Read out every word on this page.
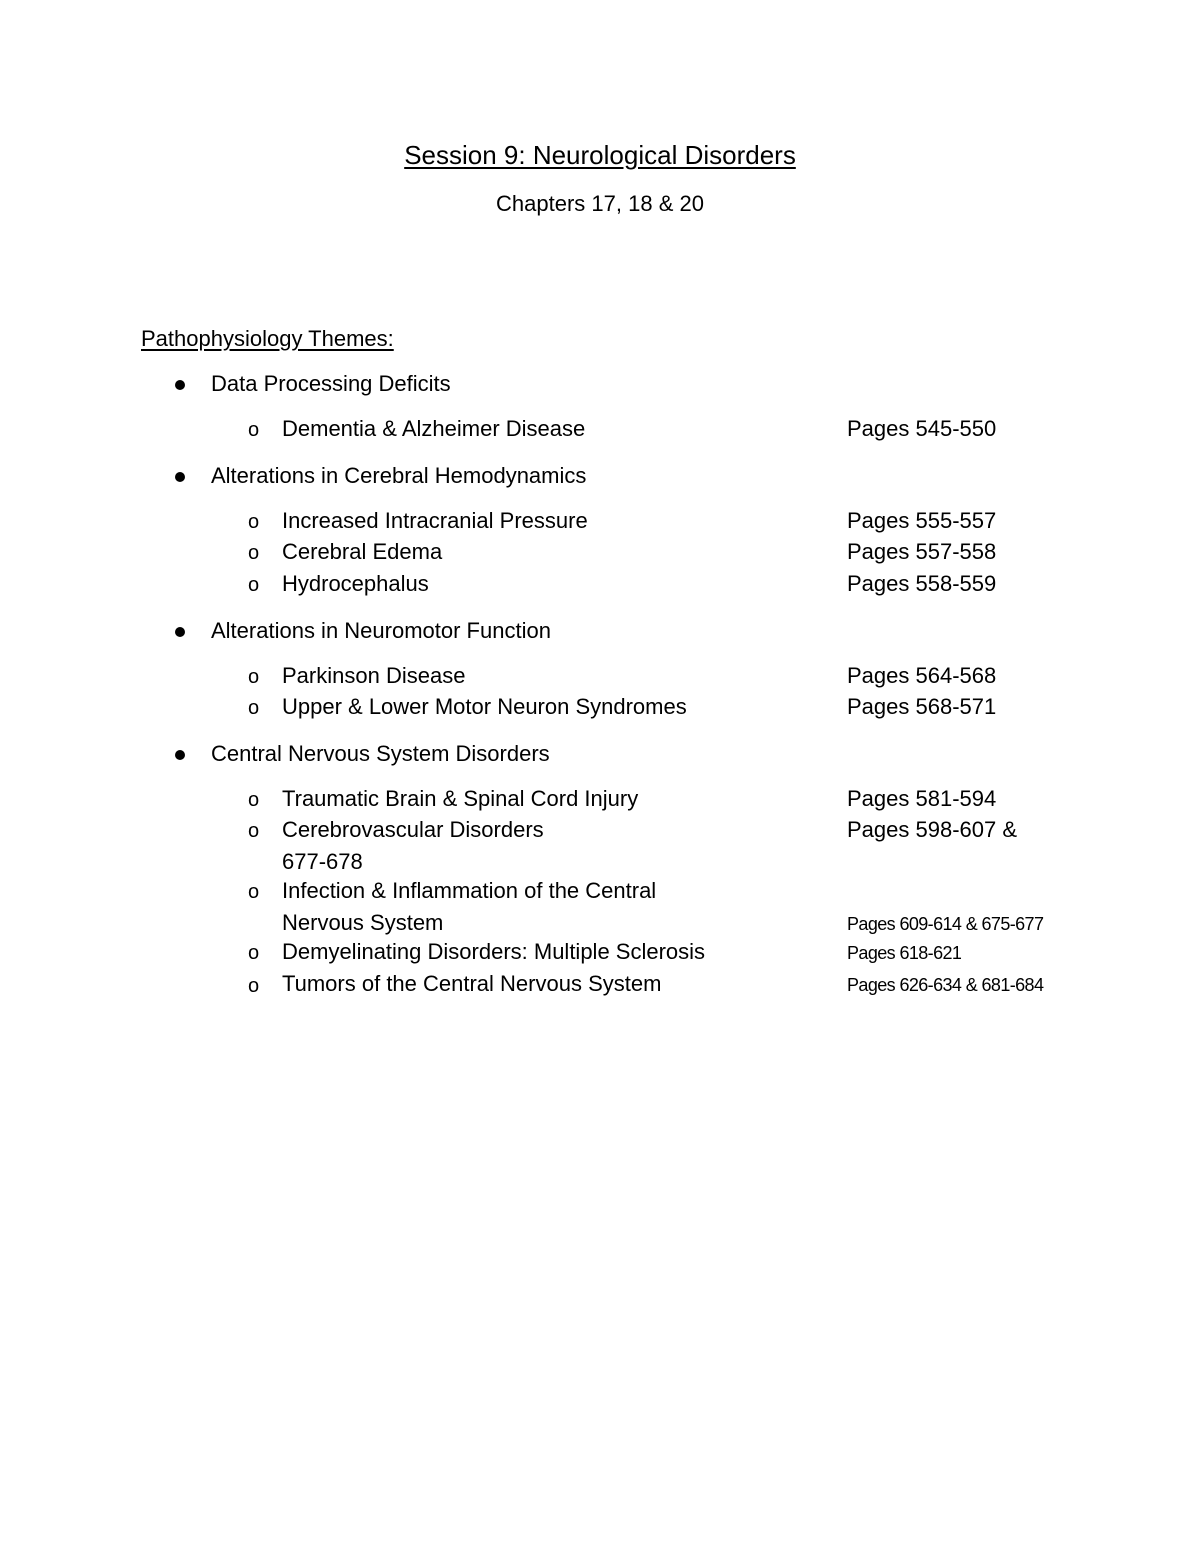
Session 9: Neurological Disorders
Chapters 17, 18 & 20
Pathophysiology Themes:
Data Processing Deficits
o Dementia & Alzheimer Disease	Pages 545-550
Alterations in Cerebral Hemodynamics
o Increased Intracranial Pressure	Pages 555-557
o Cerebral Edema	Pages 557-558
o Hydrocephalus	Pages 558-559
Alterations in Neuromotor Function
o Parkinson Disease	Pages 564-568
o Upper & Lower Motor Neuron Syndromes	Pages 568-571
Central Nervous System Disorders
o Traumatic Brain & Spinal Cord Injury	Pages 581-594
o Cerebrovascular Disorders	Pages 598-607 &
677-678
o Infection & Inflammation of the Central
Nervous System	Pages 609-614 & 675-677
o Demyelinating Disorders: Multiple Sclerosis	Pages 618-621
o Tumors of the Central Nervous System	Pages 626-634 & 681-684
